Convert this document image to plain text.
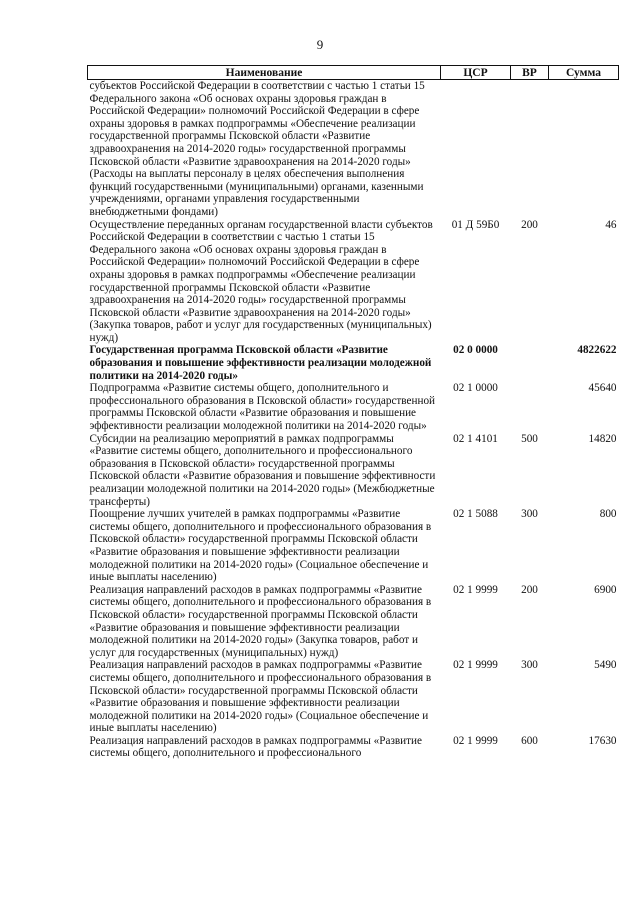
9
Наименование	ЦСР	ВР	Сумма
субъектов Российской Федерации в соответствии с частью 1 статьи 15 Федерального закона «Об основах охраны здоровья граждан в Российской Федерации» полномочий Российской Федерации в сфере охраны здоровья в рамках подпрограммы «Обеспечение реализации государственной программы Псковской области «Развитие здравоохранения на 2014-2020 годы» государственной программы Псковской области «Развитие здравоохранения на 2014-2020 годы» (Расходы на выплаты персоналу в целях обеспечения выполнения функций государственными (муниципальными) органами, казенными учреждениями, органами управления государственными внебюджетными фондами)			
Осуществление переданных органам государственной власти субъектов Российской Федерации в соответствии с частью 1 статьи 15 Федерального закона «Об основах охраны здоровья граждан в Российской Федерации» полномочий Российской Федерации в сфере охраны здоровья в рамках подпрограммы «Обеспечение реализации государственной программы Псковской области «Развитие здравоохранения на 2014-2020 годы» государственной программы Псковской области «Развитие здравоохранения на 2014-2020 годы» (Закупка товаров, работ и услуг для государственных (муниципальных) нужд)	01 Д 59Б0	200	46
Государственная программа Псковской области «Развитие образования и повышение эффективности реализации молодежной политики на 2014-2020 годы»	02 0 0000		4822622
Подпрограмма «Развитие системы общего, дополнительного и профессионального образования в Псковской области» государственной программы Псковской области «Развитие образования и повышение эффективности реализации молодежной политики на 2014-2020 годы»	02 1 0000		45640
Субсидии на реализацию мероприятий в рамках подпрограммы «Развитие системы общего, дополнительного и профессионального образования в Псковской области» государственной программы Псковской области «Развитие образования и повышение эффективности реализации молодежной политики на 2014-2020 годы» (Межбюджетные трансферты)	02 1 4101	500	14820
Поощрение лучших учителей в рамках подпрограммы «Развитие системы общего, дополнительного и профессионального образования в Псковской области» государственной программы Псковской области «Развитие образования и повышение эффективности реализации молодежной политики на 2014-2020 годы» (Социальное обеспечение и иные выплаты населению)	02 1 5088	300	800
Реализация направлений расходов в рамках подпрограммы «Развитие системы общего, дополнительного и профессионального образования в Псковской области» государственной программы Псковской области «Развитие образования и повышение эффективности реализации молодежной политики на 2014-2020 годы» (Закупка товаров, работ и услуг для государственных (муниципальных) нужд)	02 1 9999	200	6900
Реализация направлений расходов в рамках подпрограммы «Развитие системы общего, дополнительного и профессионального образования в Псковской области» государственной программы Псковской области «Развитие образования и повышение эффективности реализации молодежной политики на 2014-2020 годы» (Социальное обеспечение и иные выплаты населению)	02 1 9999	300	5490
Реализация направлений расходов в рамках подпрограммы «Развитие системы общего, дополнительного и профессионального	02 1 9999	600	17630
